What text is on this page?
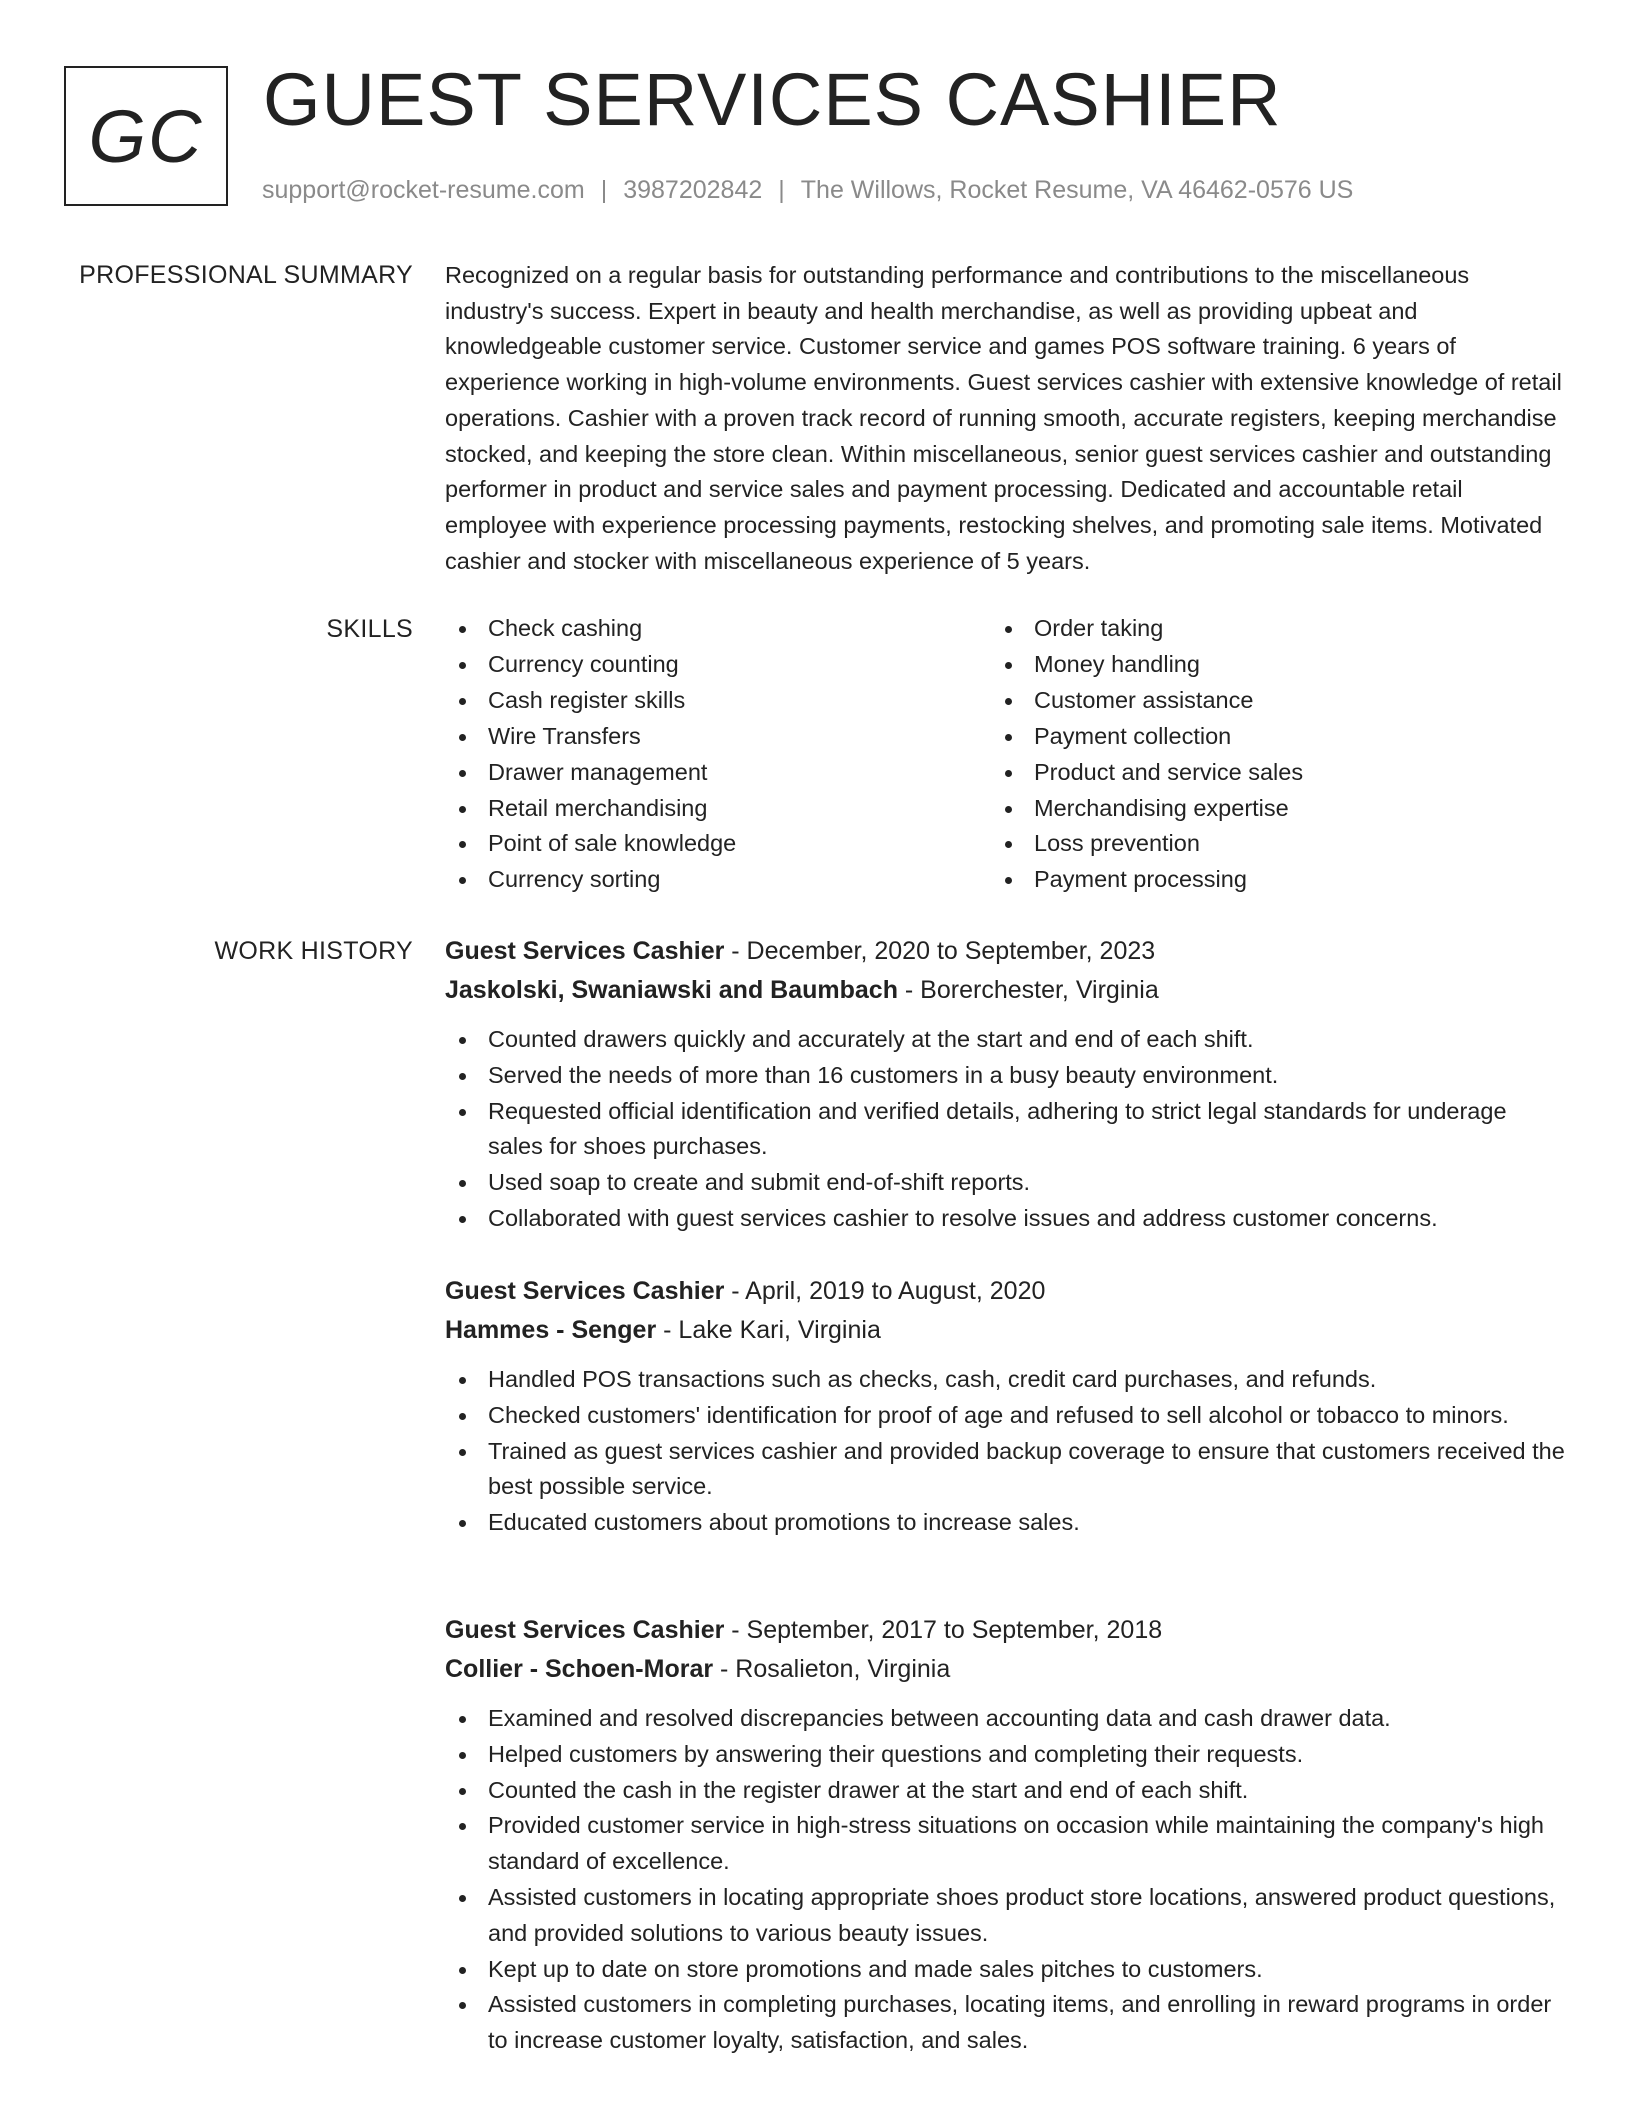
GC GUEST SERVICES CASHIER
support@rocket-resume.com | 3987202842 | The Willows, Rocket Resume, VA 46462-0576 US
PROFESSIONAL SUMMARY Recognized on a regular basis for outstanding performance and contributions to the miscellaneous industry's success. Expert in beauty and health merchandise, as well as providing upbeat and knowledgeable customer service. Customer service and games POS software training. 6 years of experience working in high-volume environments. Guest services cashier with extensive knowledge of retail operations. Cashier with a proven track record of running smooth, accurate registers, keeping merchandise stocked, and keeping the store clean. Within miscellaneous, senior guest services cashier and outstanding performer in product and service sales and payment processing. Dedicated and accountable retail employee with experience processing payments, restocking shelves, and promoting sale items. Motivated cashier and stocker with miscellaneous experience of 5 years.

SKILLS	Check cashing
Currency counting
Cash register skills
Wire Transfers
Drawer management
Retail merchandising
Point of sale knowledge
Currency sorting
Order taking
Money handling
Customer assistance
Payment collection
Product and service sales
Merchandising expertise
Loss prevention
Payment processing
WORK HISTORY Guest Services Cashier - December, 2020 to September, 2023
Jaskolski, Swaniawski and Baumbach - Borerchester, Virginia
Counted drawers quickly and accurately at the start and end of each shift.
Served the needs of more than 16 customers in a busy beauty environment.
Requested official identification and verified details, adhering to strict legal standards for underage sales for shoes purchases.
Used soap to create and submit end-of-shift reports.
Collaborated with guest services cashier to resolve issues and address customer concerns.
Guest Services Cashier - April, 2019 to August, 2020
Hammes - Senger - Lake Kari, Virginia
Handled POS transactions such as checks, cash, credit card purchases, and refunds.
Checked customers' identification for proof of age and refused to sell alcohol or tobacco to minors.
Trained as guest services cashier and provided backup coverage to ensure that customers received the best possible service.
Educated customers about promotions to increase sales.
Guest Services Cashier - September, 2017 to September, 2018
Collier - Schoen-Morar - Rosalieton, Virginia
Examined and resolved discrepancies between accounting data and cash drawer data.
Helped customers by answering their questions and completing their requests.
Counted the cash in the register drawer at the start and end of each shift.
Provided customer service in high-stress situations on occasion while maintaining the company's high standard of excellence.
Assisted customers in locating appropriate shoes product store locations, answered product questions, and provided solutions to various beauty issues.
Kept up to date on store promotions and made sales pitches to customers.
Assisted customers in completing purchases, locating items, and enrolling in reward programs in order to increase customer loyalty, satisfaction, and sales.
